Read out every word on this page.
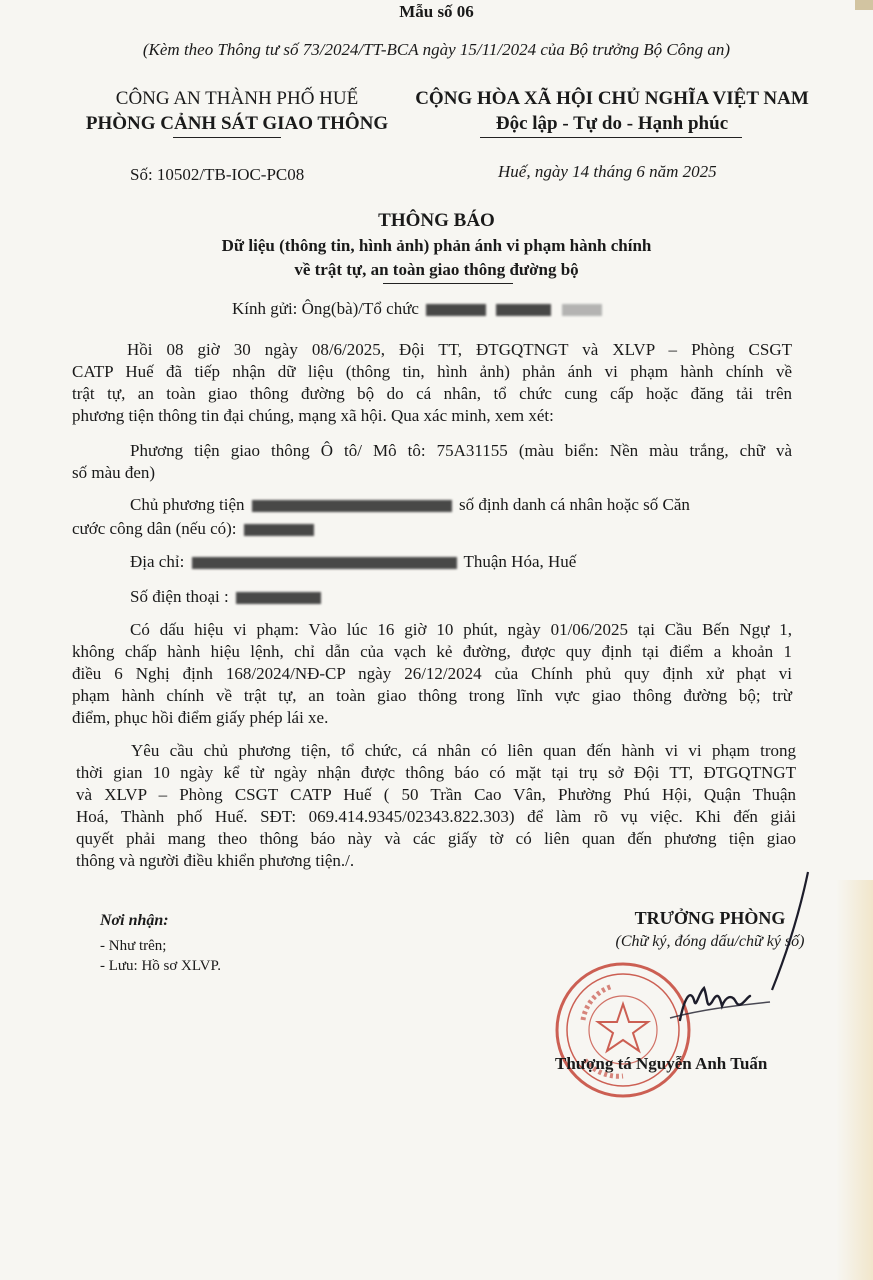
Mẫu số 06
(Kèm theo Thông tư số 73/2024/TT-BCA ngày 15/11/2024 của Bộ trưởng Bộ Công an)
CÔNG AN THÀNH PHỐ HUẾ
PHÒNG CẢNH SÁT GIAO THÔNG
CỘNG HÒA XÃ HỘI CHỦ NGHĨA VIỆT NAM
Độc lập - Tự do - Hạnh phúc
Số: 10502/TB-IOC-PC08	Huế, ngày 14 tháng 6 năm 2025
THÔNG BÁO
Dữ liệu (thông tin, hình ảnh) phản ánh vi phạm hành chính
về trật tự, an toàn giao thông đường bộ
Kính gửi: Ông(bà)/Tổ chức
Hồi 08 giờ 30 ngày 08/6/2025, Đội TT, ĐTGQTNGT và XLVP – Phòng CSGT
CATP Huế đã tiếp nhận dữ liệu (thông tin, hình ảnh) phản ánh vi phạm hành chính về
trật tự, an toàn giao thông đường bộ do cá nhân, tổ chức cung cấp hoặc đăng tải trên
phương tiện thông tin đại chúng, mạng xã hội. Qua xác minh, xem xét:
Phương tiện giao thông Ô tô/ Mô tô: 75A31155 (màu biển: Nền màu trắng, chữ và
số màu đen)
Chủ phương tiện	số định danh cá nhân hoặc số Căn
cước công dân (nếu có):
Địa chỉ:	Thuận Hóa, Huế
Số điện thoại :
Có dấu hiệu vi phạm: Vào lúc 16 giờ 10 phút, ngày 01/06/2025 tại Cầu Bến Ngự 1,
không chấp hành hiệu lệnh, chỉ dẫn của vạch kẻ đường, được quy định tại điểm a khoản 1
điều 6 Nghị định 168/2024/NĐ-CP ngày 26/12/2024 của Chính phủ quy định xử phạt vi
phạm hành chính về trật tự, an toàn giao thông trong lĩnh vực giao thông đường bộ; trừ
điểm, phục hồi điểm giấy phép lái xe.
Yêu cầu chủ phương tiện, tổ chức, cá nhân có liên quan đến hành vi vi phạm trong
thời gian 10 ngày kể từ ngày nhận được thông báo có mặt tại trụ sở Đội TT, ĐTGQTNGT
và XLVP – Phòng CSGT CATP Huế ( 50 Trần Cao Vân, Phường Phú Hội, Quận Thuận
Hoá, Thành phố Huế. SĐT: 069.414.9345/02343.822.303) để làm rõ vụ việc. Khi đến giải
quyết phải mang theo thông báo này và các giấy tờ có liên quan đến phương tiện giao
thông và người điều khiển phương tiện./.
Nơi nhận:
- Như trên;
- Lưu: Hồ sơ XLVP.
TRƯỞNG PHÒNG
(Chữ ký, đóng dấu/chữ ký số)
Thượng tá Nguyễn Anh Tuấn
